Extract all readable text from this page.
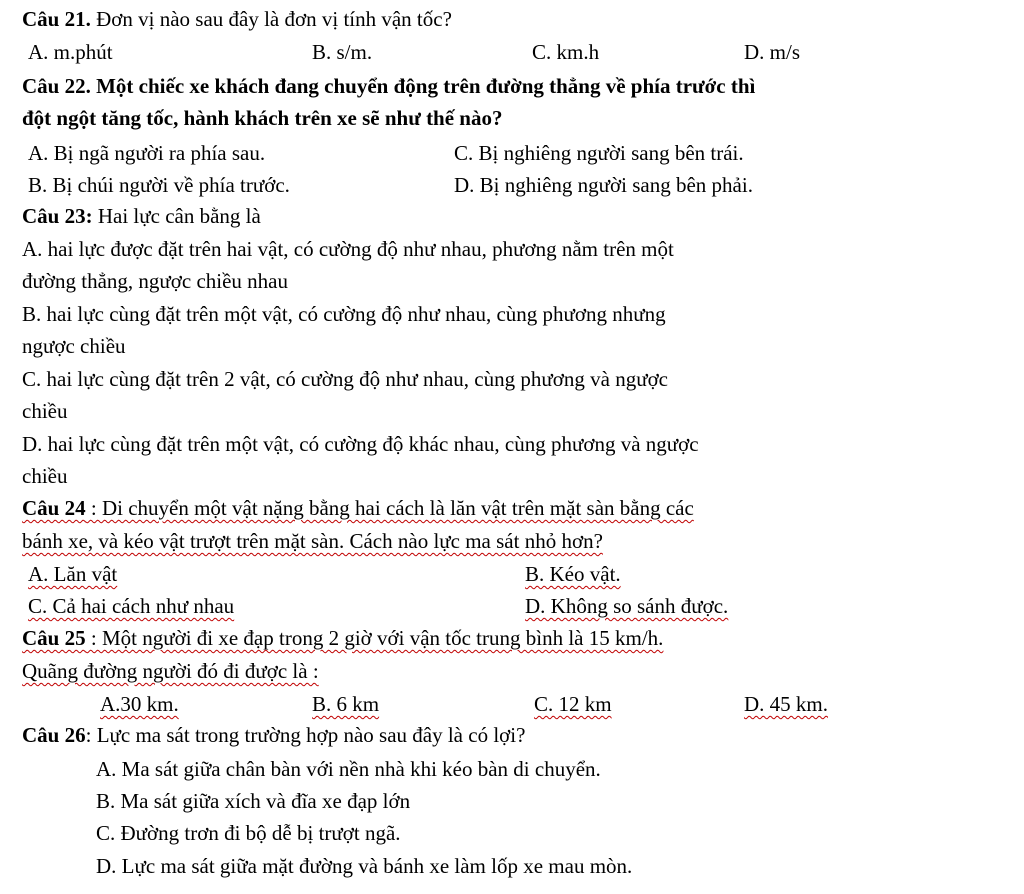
Câu 21. Đơn vị nào sau đây là đơn vị tính vận tốc?
A. m.phút	B. s/m.	C. km.h	D. m/s
Câu 22. Một chiếc xe khách đang chuyển động trên đường thẳng về phía trước thì
đột ngột tăng tốc, hành khách trên xe sẽ như thế nào?
A. Bị ngã người ra phía sau.	C. Bị nghiêng người sang bên trái.
B. Bị chúi người về phía trước.	D. Bị nghiêng người sang bên phải.
Câu 23: Hai lực cân bằng là
A. hai lực được đặt trên hai vật, có cường độ như nhau, phương nằm trên một
đường thẳng, ngược chiều nhau
B. hai lực cùng đặt trên một vật, có cường độ như nhau, cùng phương nhưng
ngược chiều
C. hai lực cùng đặt trên 2 vật, có cường độ như nhau, cùng phương và ngược
chiều
D. hai lực cùng đặt trên một vật, có cường độ khác nhau, cùng phương và ngược
chiều
Câu 24 : Di chuyển một vật nặng bằng hai cách là lăn vật trên mặt sàn bằng các
bánh xe, và kéo vật trượt trên mặt sàn. Cách nào lực ma sát nhỏ hơn?
A. Lăn vật	B. Kéo vật.
C. Cả hai cách như nhau	D. Không so sánh được.
Câu 25 : Một người đi xe đạp trong 2 giờ với vận tốc trung bình là 15 km/h.
Quãng đường người đó đi được là :
A.30 km.	B. 6 km	C. 12 km	D. 45 km.
Câu 26: Lực ma sát trong trường hợp nào sau đây là có lợi?
A. Ma sát giữa chân bàn với nền nhà khi kéo bàn di chuyển.
B. Ma sát giữa xích và đĩa xe đạp lớn
C. Đường trơn đi bộ dễ bị trượt ngã.
D. Lực ma sát giữa mặt đường và bánh xe làm lốp xe mau mòn.
